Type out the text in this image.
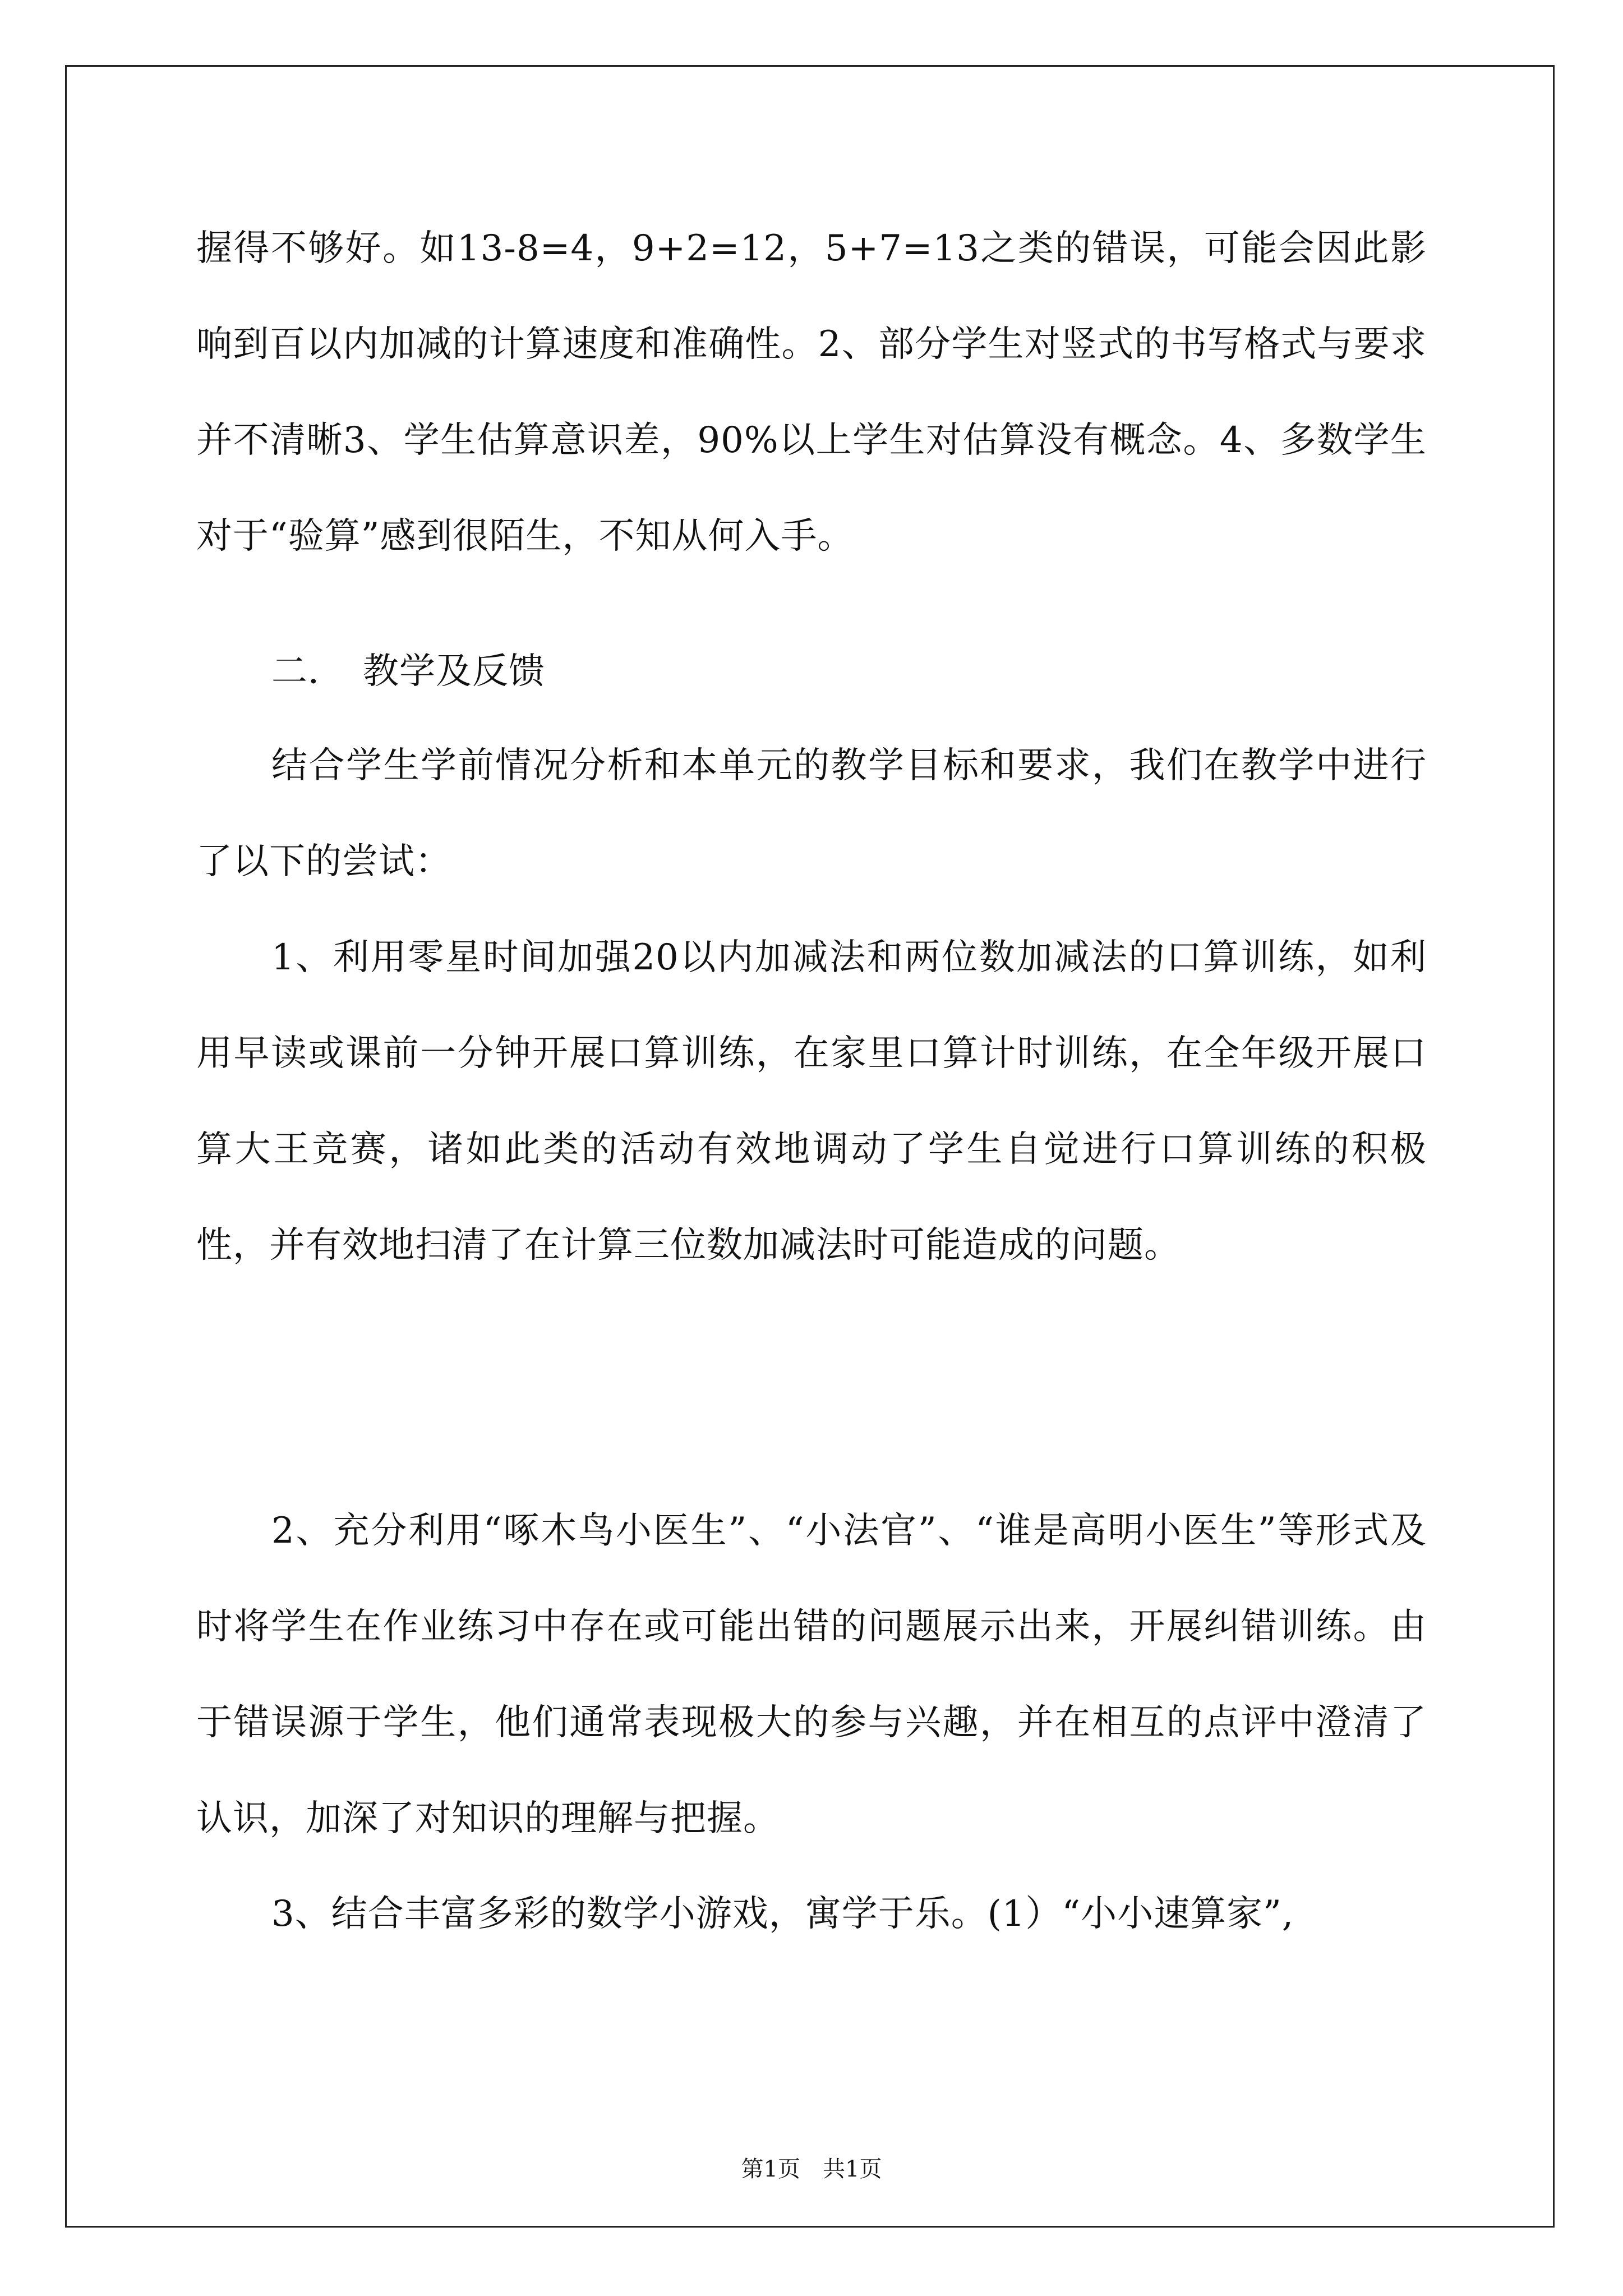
握得不够好。如13-8=4，9+2=12，5+7=13之类的错误，可能会因此影响到百以内加减的计算速度和准确性。2、部分学生对竖式的书写格式与要求并不清晰3、学生估算意识差，90%以上学生对估算没有概念。4、多数学生对于“验算”感到很陌生，不知从何入手。

二．　教学及反馈

结合学生学前情况分析和本单元的教学目标和要求，我们在教学中进行了以下的尝试：

1、利用零星时间加强20以内加减法和两位数加减法的口算训练，如利用早读或课前一分钟开展口算训练，在家里口算计时训练，在全年级开展口算大王竞赛，诸如此类的活动有效地调动了学生自觉进行口算训练的积极性，并有效地扫清了在计算三位数加减法时可能造成的问题。

2、充分利用“啄木鸟小医生”、“小法官”、“谁是高明小医生”等形式及时将学生在作业练习中存在或可能出错的问题展示出来，开展纠错训练。由于错误源于学生，他们通常表现极大的参与兴趣，并在相互的点评中澄清了认识，加深了对知识的理解与把握。

3、结合丰富多彩的数学小游戏，寓学于乐。(1）“小小速算家”,

第1页　共1页
